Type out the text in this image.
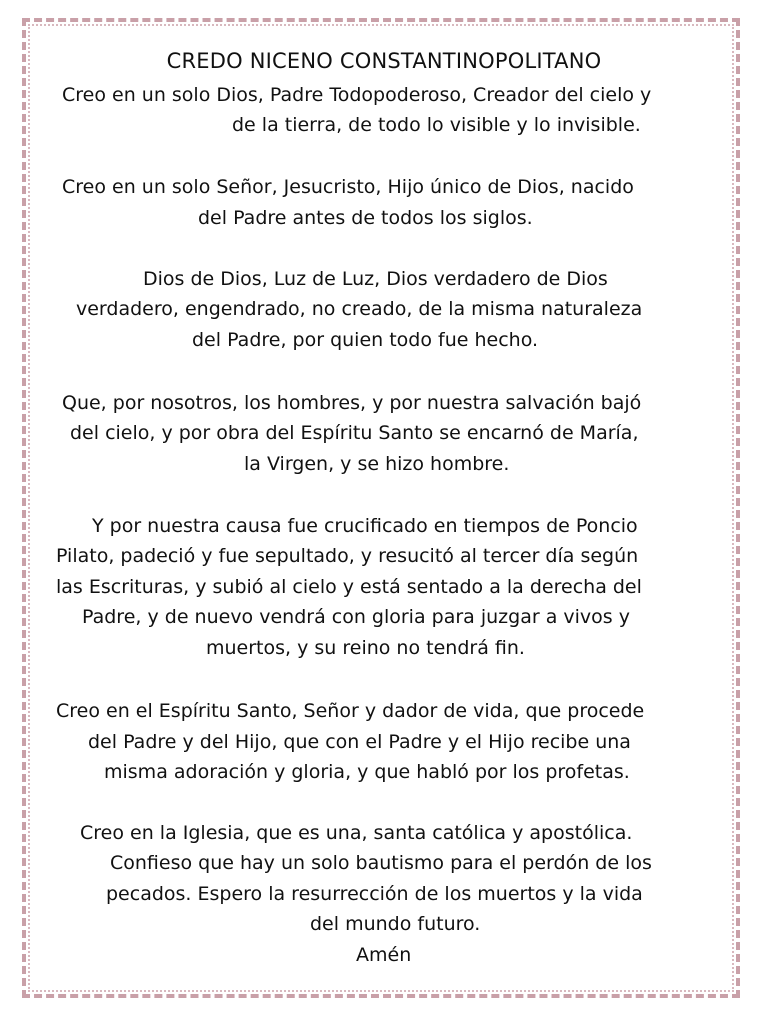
CREDO NICENO CONSTANTINOPOLITANO

Creo en un solo Dios, Padre Todopoderoso, Creador del cielo y

de la tierra, de todo lo visible y lo invisible.

Creo en un solo Señor, Jesucristo, Hijo único de Dios, nacido

del Padre antes de todos los siglos.

Dios de Dios, Luz de Luz, Dios verdadero de Dios

verdadero, engendrado, no creado, de la misma naturaleza

del Padre, por quien todo fue hecho.

Que, por nosotros, los hombres, y por nuestra salvación bajó

del cielo, y por obra del Espíritu Santo se encarnó de María,

la Virgen, y se hizo hombre.

Y por nuestra causa fue crucificado en tiempos de Poncio

Pilato, padeció y fue sepultado, y resucitó al tercer día según

las Escrituras, y subió al cielo y está sentado a la derecha del

Padre, y de nuevo vendrá con gloria para juzgar a vivos y

muertos, y su reino no tendrá fin.

Creo en el Espíritu Santo, Señor y dador de vida, que procede

del Padre y del Hijo, que con el Padre y el Hijo recibe una

misma adoración y gloria, y que habló por los profetas.

Creo en la Iglesia, que es una, santa católica y apostólica.

Confieso que hay un solo bautismo para el perdón de los

pecados. Espero la resurrección de los muertos y la vida

del mundo futuro.

Amén
